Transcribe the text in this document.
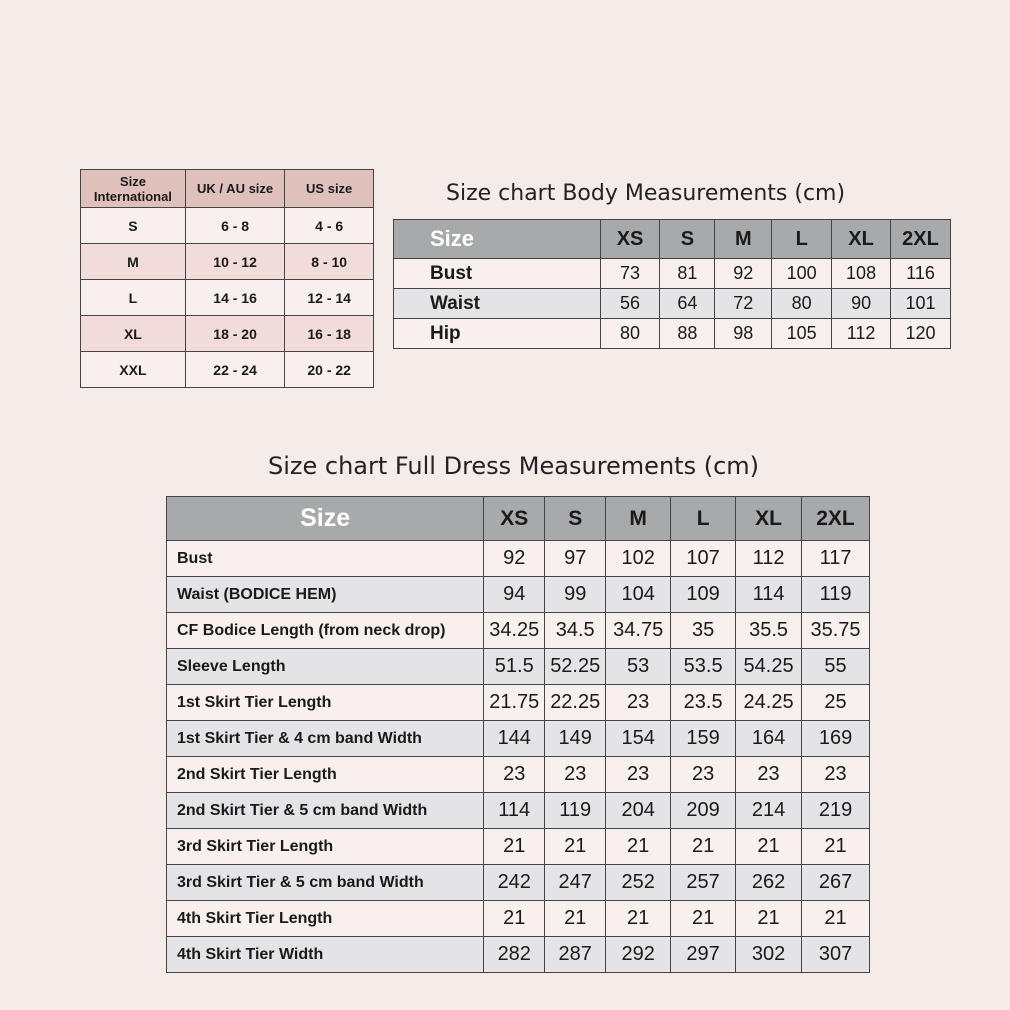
Size International	UK / AU size	US size
S	6 - 8	4 - 6
M	10 - 12	8 - 10
L	14 - 16	12 - 14
XL	18 - 20	16 - 18
XXL	22 - 24	20 - 22
Size chart Body Measurements (cm)
Size	XS	S	M	L	XL	2XL
Bust	73	81	92	100	108	116
Waist	56	64	72	80	90	101
Hip	80	88	98	105	112	120
Size chart Full Dress Measurements (cm)
Size	XS	S	M	L	XL	2XL
Bust	92	97	102	107	112	117
Waist (BODICE HEM)	94	99	104	109	114	119
CF Bodice Length (from neck drop)	34.25	34.5	34.75	35	35.5	35.75
Sleeve Length	51.5	52.25	53	53.5	54.25	55
1st Skirt Tier Length	21.75	22.25	23	23.5	24.25	25
1st Skirt Tier & 4 cm band Width	144	149	154	159	164	169
2nd Skirt Tier Length	23	23	23	23	23	23
2nd Skirt Tier & 5 cm band Width	114	119	204	209	214	219
3rd Skirt Tier Length	21	21	21	21	21	21
3rd Skirt Tier & 5 cm band Width	242	247	252	257	262	267
4th Skirt Tier Length	21	21	21	21	21	21
4th Skirt Tier Width	282	287	292	297	302	307
